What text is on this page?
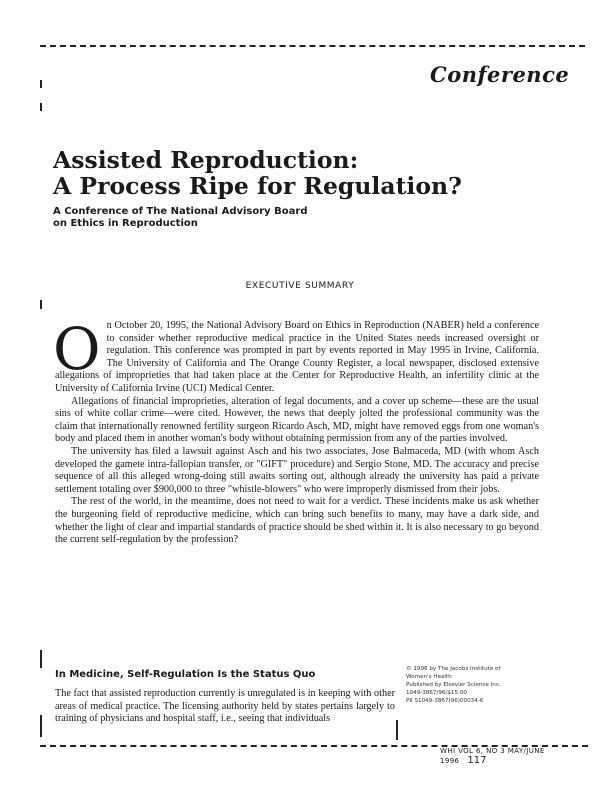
Conference
Assisted Reproduction:
A Process Ripe for Regulation?
A Conference of The National Advisory Board
on Ethics in Reproduction
EXECUTIVE SUMMARY

On October 20, 1995, the National Advisory Board on Ethics in Reproduction (NABER) held a conference to consider whether reproductive medical practice in the United States needs increased oversight or regulation. This conference was prompted in part by events reported in May 1995 in Irvine, California. The University of California and The Orange County Register, a local newspaper, disclosed extensive allegations of improprieties that had taken place at the Center for Reproductive Health, an infertility clinic at the University of California Irvine (UCI) Medical Center.

Allegations of financial improprieties, alteration of legal documents, and a cover up scheme—these are the usual sins of white collar crime—were cited. However, the news that deeply jolted the professional community was the claim that internationally renowned fertility surgeon Ricardo Asch, MD, might have removed eggs from one woman's body and placed them in another woman's body without obtaining permission from any of the parties involved.

The university has filed a lawsuit against Asch and his two associates, Jose Balmaceda, MD (with whom Asch developed the gamete intra-fallopian transfer, or "GIFT" procedure) and Sergio Stone, MD. The accuracy and precise sequence of all this alleged wrong-doing still awaits sorting out, although already the university has paid a private settlement totaling over $900,000 to three "whistle-blowers" who were improperly dismissed from their jobs.

The rest of the world, in the meantime, does not need to wait for a verdict. These incidents make us ask whether the burgeoning field of reproductive medicine, which can bring such benefits to many, may have a dark side, and whether the light of clear and impartial standards of practice should be shed within it. It is also necessary to go beyond the current self-regulation by the profession?

In Medicine, Self-Regulation Is the Status Quo
The fact that assisted reproduction currently is unregulated is in keeping with other areas of medical practice. The licensing authority held by states pertains largely to training of physicians and hospital staff, i.e., seeing that individuals
© 1996 by The Jacobs Institute of
Women's Health
Published by Elsevier Science Inc.
1049-3867/96/$15.00
PII S1049-3867(96)00034-6
WHI VOL 6, NO 3 MAY/JUNE 1996 117
